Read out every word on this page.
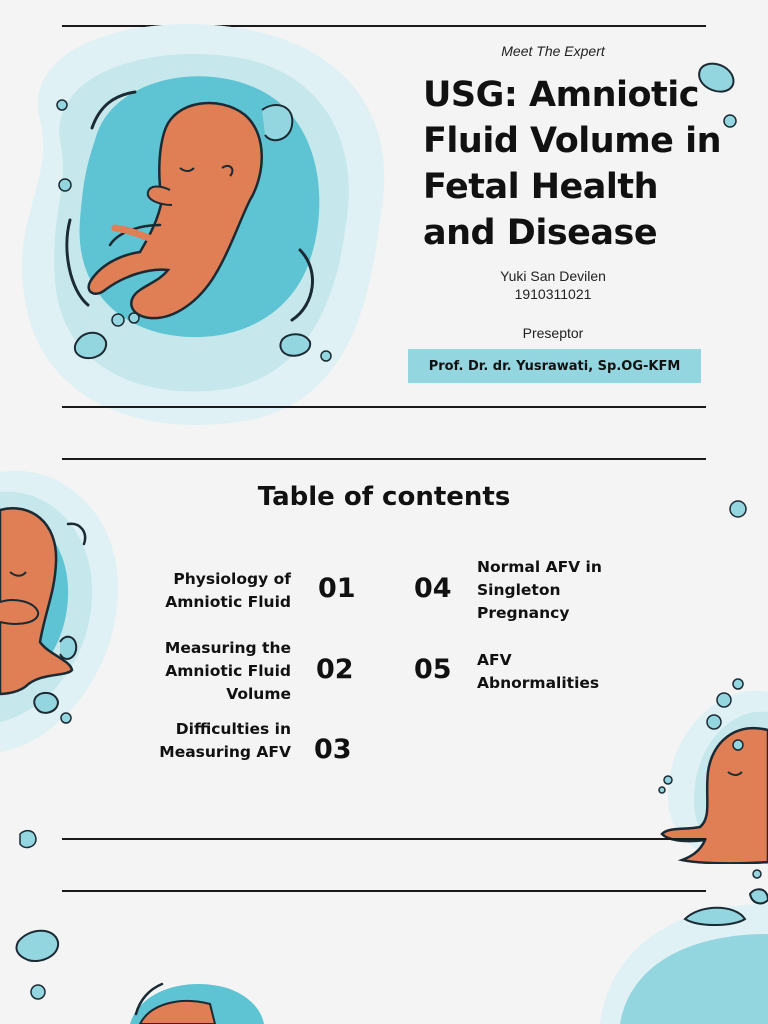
Meet The Expert
USG: Amniotic Fluid Volume in Fetal Health and Disease
Yuki San Devilen
1910311021
Preseptor
Prof. Dr. dr. Yusrawati, Sp.OG-KFM
Table of contents
Physiology of Amniotic Fluid 01
Measuring the Amniotic Fluid Volume
02
Difficulties in Measuring AFV 03
04
Normal AFV in Singleton Pregnancy
05 AFV Abnormalities
